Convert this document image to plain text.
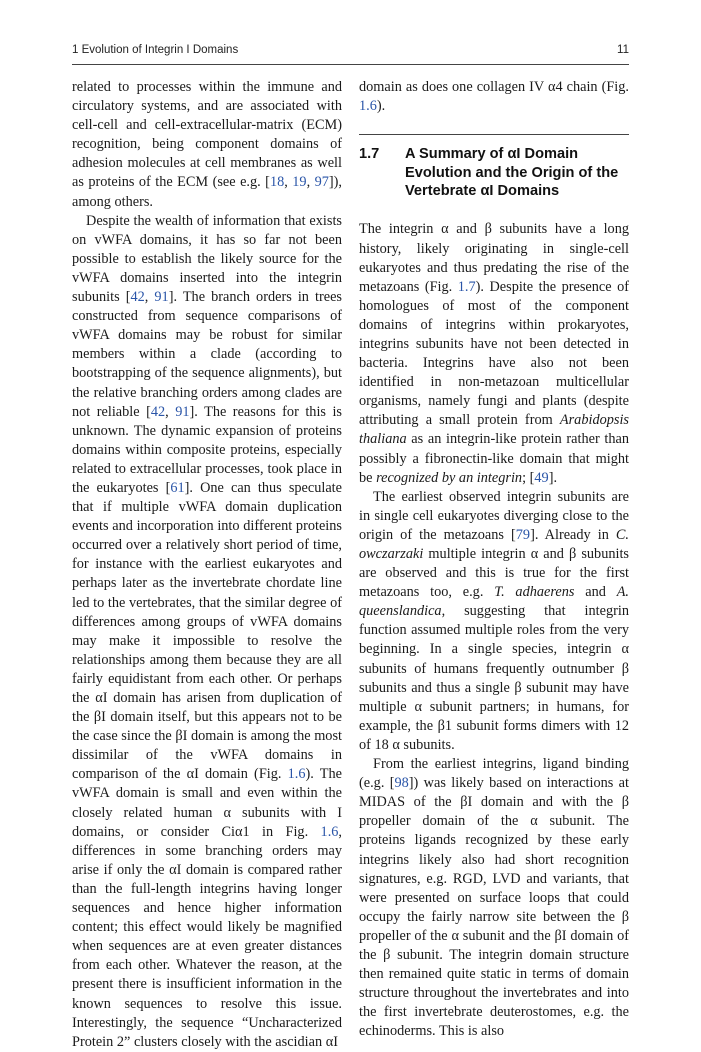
1 Evolution of Integrin I Domains	11

related to processes within the immune and circulatory systems, and are associated with cell-cell and cell-extracellular-matrix (ECM) recognition, being component domains of adhesion molecules at cell membranes as well as proteins of the ECM (see e.g. [18, 19, 97]), among others.

Despite the wealth of information that exists on vWFA domains, it has so far not been possible to establish the likely source for the vWFA domains inserted into the integrin subunits [42, 91]. The branch orders in trees constructed from sequence comparisons of vWFA domains may be robust for similar members within a clade (according to bootstrapping of the sequence alignments), but the relative branching orders among clades are not reliable [42, 91]. The reasons for this is unknown. The dynamic expansion of proteins domains within composite proteins, especially related to extracellular processes, took place in the eukaryotes [61]. One can thus speculate that if multiple vWFA domain duplication events and incorporation into different proteins occurred over a relatively short period of time, for instance with the earliest eukaryotes and perhaps later as the invertebrate chordate line led to the vertebrates, that the similar degree of differences among groups of vWFA domains may make it impossible to resolve the relationships among them because they are all fairly equidistant from each other. Or perhaps the αI domain has arisen from duplication of the βI domain itself, but this appears not to be the case since the βI domain is among the most dissimilar of the vWFA domains in comparison of the αI domain (Fig. 1.6). The vWFA domain is small and even within the closely related human α subunits with I domains, or consider Ciα1 in Fig. 1.6, differences in some branching orders may arise if only the αI domain is compared rather than the full-length integrins having longer sequences and hence higher information content; this effect would likely be magnified when sequences are at even greater distances from each other. Whatever the reason, at the present there is insufficient information in the known sequences to resolve this issue. Interestingly, the sequence “Uncharacterized Protein 2” clusters closely with the ascidian αI

domain as does one collagen IV α4 chain (Fig. 1.6).

1.7 A Summary of αI Domain Evolution and the Origin of the Vertebrate αI Domains

The integrin α and β subunits have a long history, likely originating in single-cell eukaryotes and thus predating the rise of the metazoans (Fig. 1.7). Despite the presence of homologues of most of the component domains of integrins within prokaryotes, integrins subunits have not been detected in bacteria. Integrins have also not been identified in non-metazoan multicellular organisms, namely fungi and plants (despite attributing a small protein from Arabidopsis thaliana as an integrin-like protein rather than possibly a fibronectin-like domain that might be recognized by an integrin; [49].

The earliest observed integrin subunits are in single cell eukaryotes diverging close to the origin of the metazoans [79]. Already in C. owczarzaki multiple integrin α and β subunits are observed and this is true for the first metazoans too, e.g. T. adhaerens and A. queenslandica, suggesting that integrin function assumed multiple roles from the very beginning. In a single species, integrin α subunits of humans frequently outnumber β subunits and thus a single β subunit may have multiple α subunit partners; in humans, for example, the β1 subunit forms dimers with 12 of 18 α subunits.

From the earliest integrins, ligand binding (e.g. [98]) was likely based on interactions at MIDAS of the βI domain and with the β propeller domain of the α subunit. The proteins ligands recognized by these early integrins likely also had short recognition signatures, e.g. RGD, LVD and variants, that were presented on surface loops that could occupy the fairly narrow site between the β propeller of the α subunit and the βI domain of the β subunit. The integrin domain structure then remained quite static in terms of domain structure throughout the invertebrates and into the first invertebrate deuterostomes, e.g. the echinoderms. This is also
